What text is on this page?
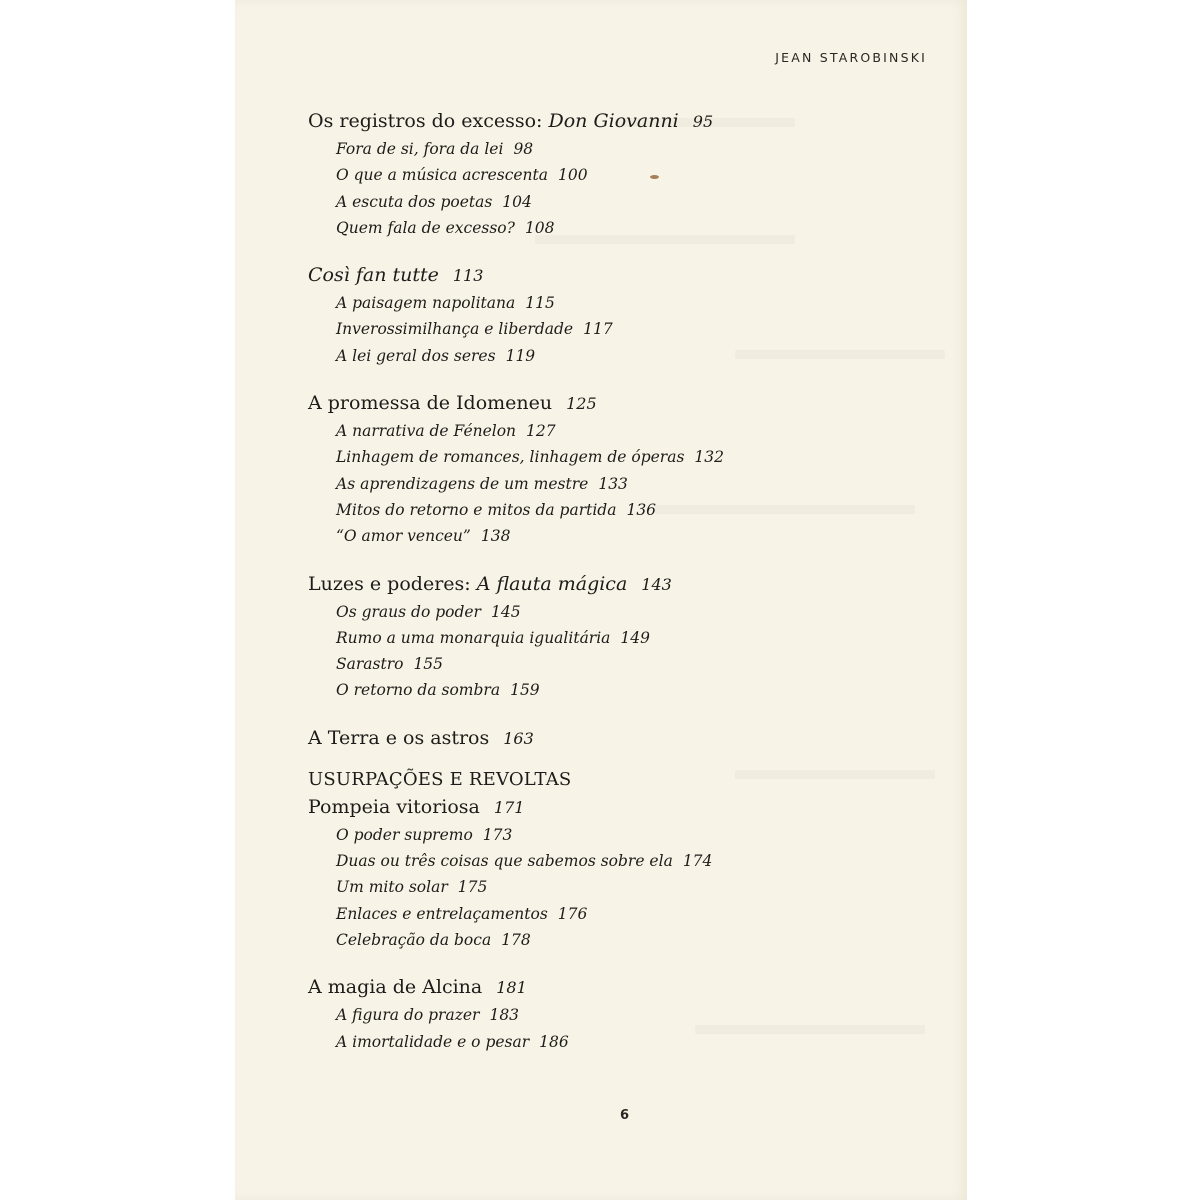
JEAN STAROBINSKI
Os registros do excesso: Don Giovanni 95
Fora de si, fora da lei 98
O que a música acrescenta 100
A escuta dos poetas 104
Quem fala de excesso? 108
Così fan tutte 113
A paisagem napolitana 115
Inverossimilhança e liberdade 117
A lei geral dos seres 119
A promessa de Idomeneu 125
A narrativa de Fénelon 127
Linhagem de romances, linhagem de óperas 132
As aprendizagens de um mestre 133
Mitos do retorno e mitos da partida 136
“O amor venceu” 138
Luzes e poderes: A flauta mágica 143
Os graus do poder 145
Rumo a uma monarquia igualitária 149
Sarastro 155
O retorno da sombra 159
A Terra e os astros 163
USURPAÇÕES E REVOLTAS
Pompeia vitoriosa 171
O poder supremo 173
Duas ou três coisas que sabemos sobre ela 174
Um mito solar 175
Enlaces e entrelaçamentos 176
Celebração da boca 178
A magia de Alcina 181
A figura do prazer 183
A imortalidade e o pesar 186
6
